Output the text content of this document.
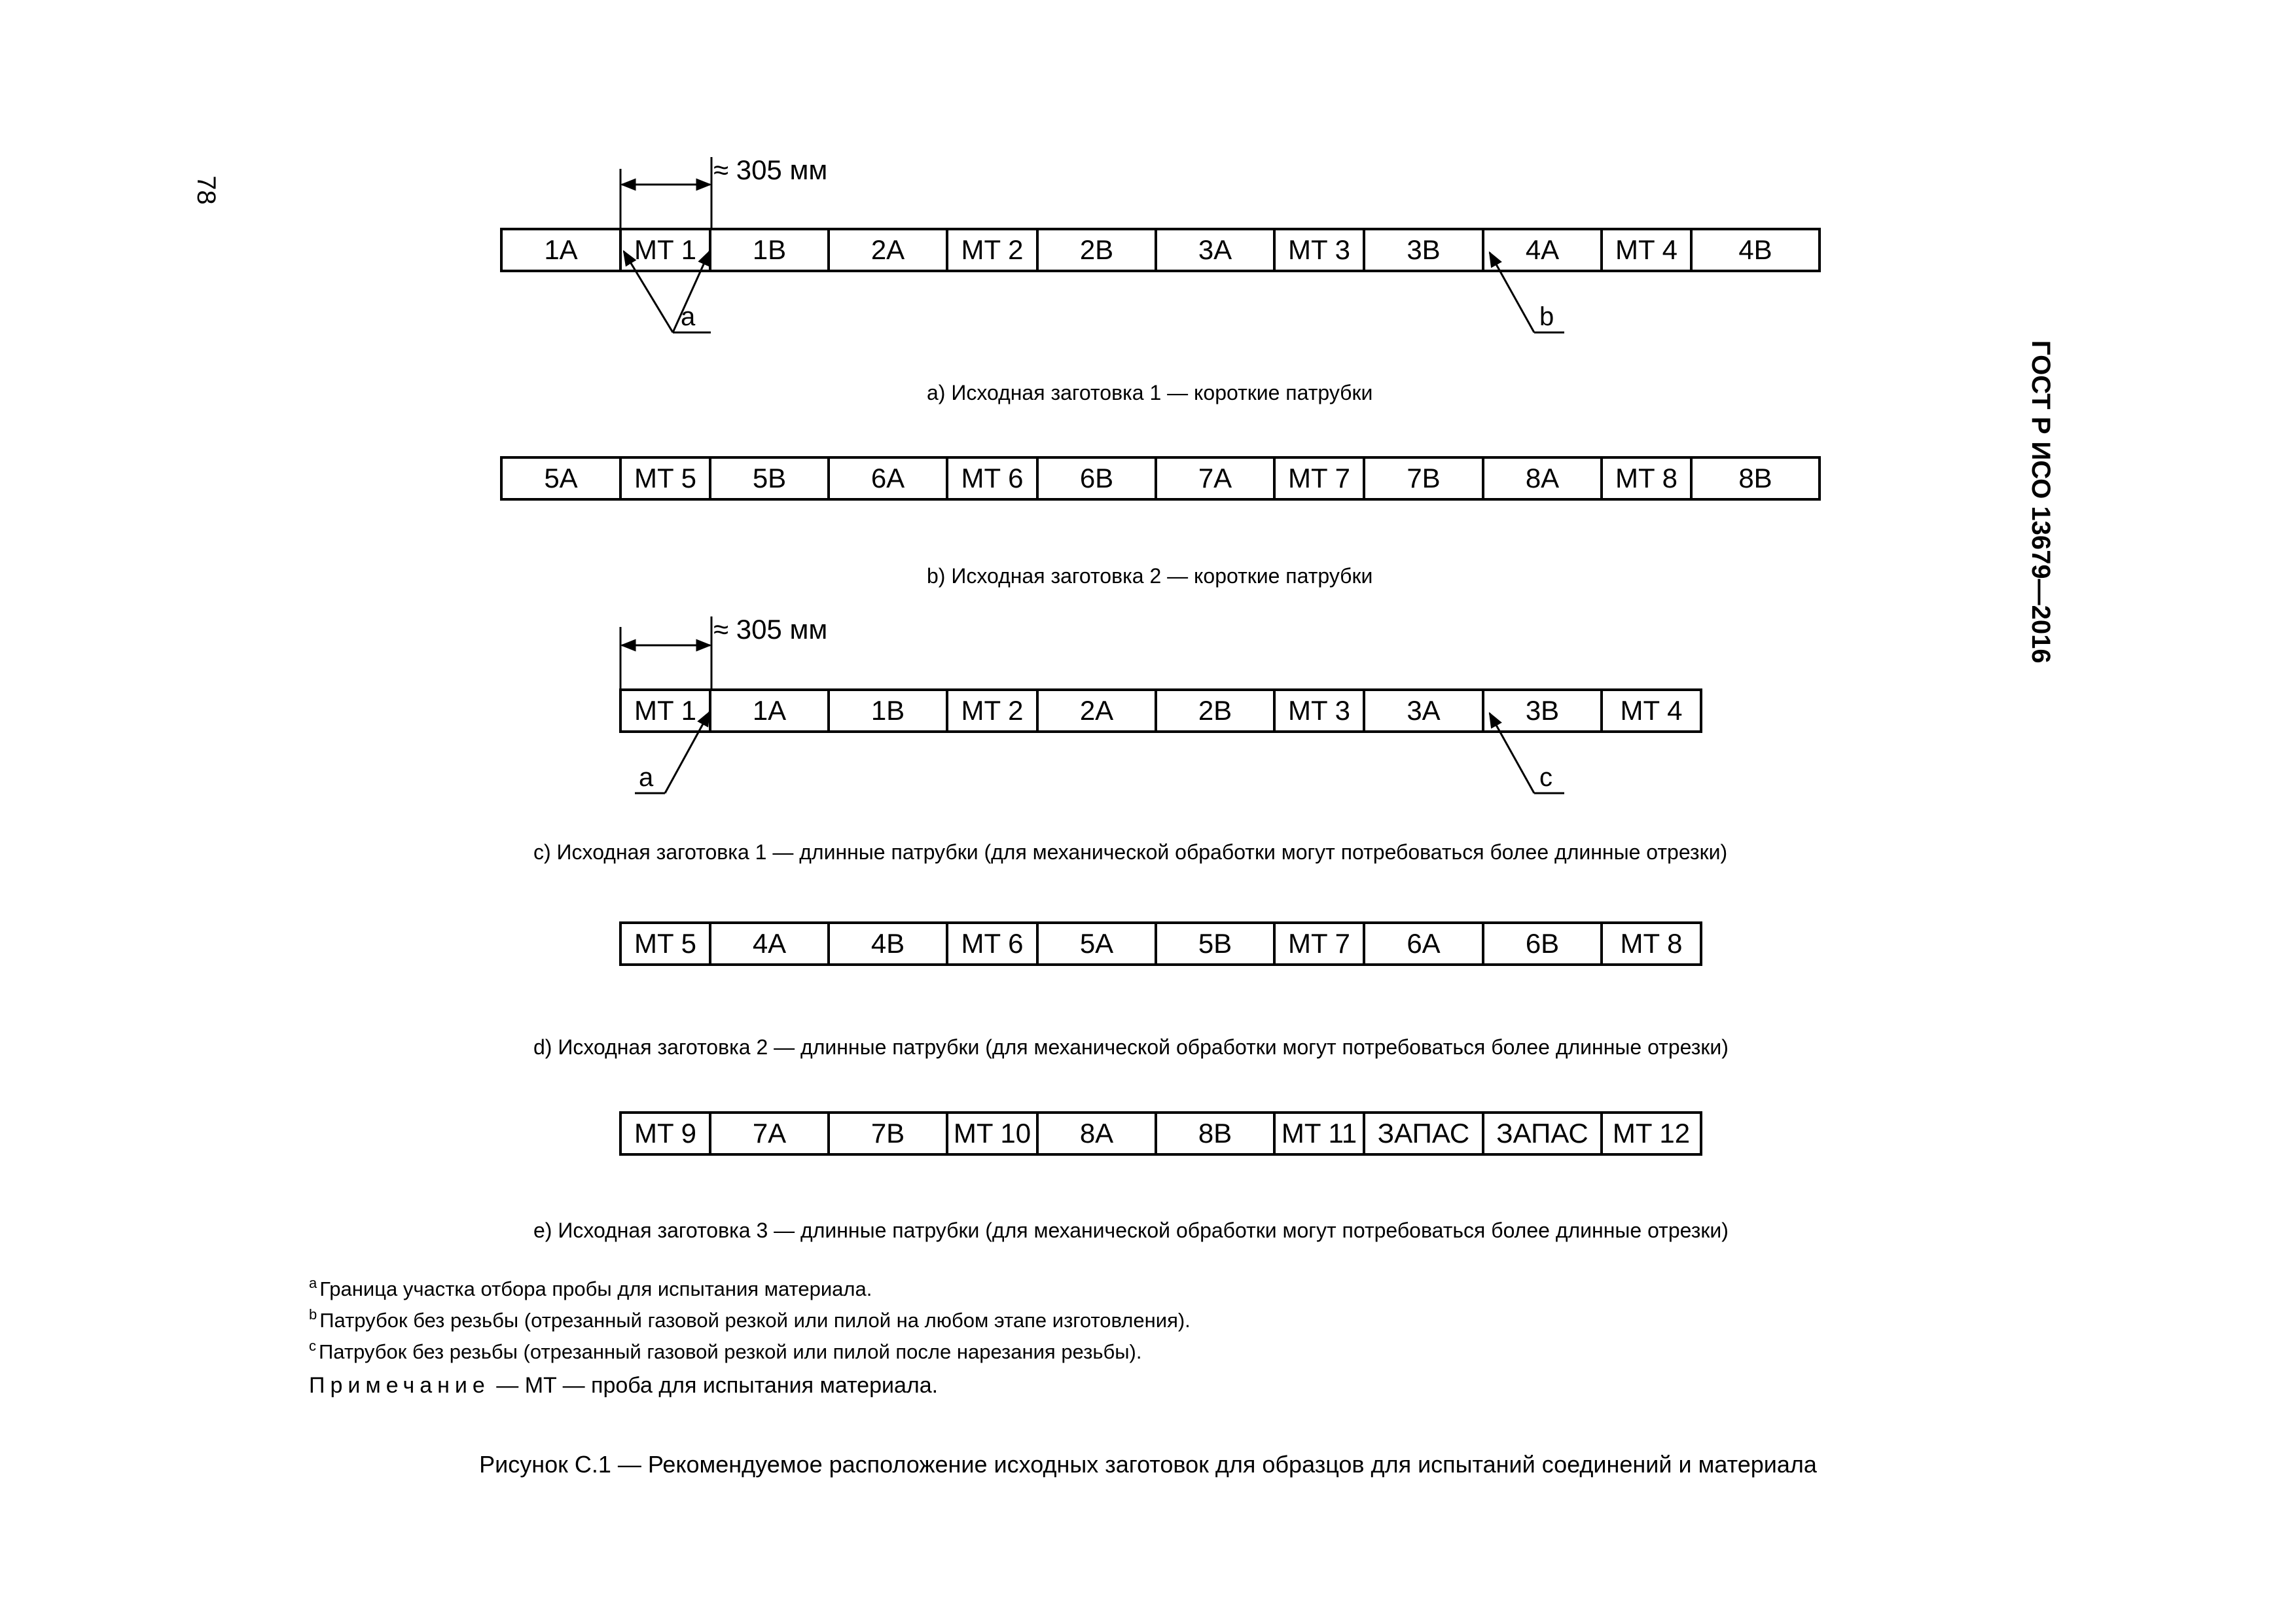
78
ГОСТ Р ИСО 13679—2016
1A	MT 1	1B	2A	MT 2	2B	3A	MT 3	3B	4A	MT 4	4B
a) Исходная заготовка 1 — короткие патрубки
5A	MT 5	5B	6A	MT 6	6B	7A	MT 7	7B	8A	MT 8	8B
b) Исходная заготовка 2 — короткие патрубки
MT 1	1A	1B	MT 2	2A	2B	MT 3	3A	3B	MT 4
c) Исходная заготовка 1 — длинные патрубки (для механической обработки могут потребоваться более длинные отрезки)
MT 5	4A	4B	MT 6	5A	5B	MT 7	6A	6B	MT 8
d) Исходная заготовка 2 — длинные патрубки (для механической обработки могут потребоваться более длинные отрезки)
MT 9	7A	7B	MT 10	8A	8B	MT 11 ЗАПАС ЗАПАС MT 12
e) Исходная заготовка 3 — длинные патрубки (для механической обработки могут потребоваться более длинные отрезки)
≈ 305 мм
≈ 305 мм
a	b
a	c
$^a$ Граница участка отбора пробы для испытания материала.
$^b$ Патрубок без резьбы (отрезанный газовой резкой или пилой на любом этапе изготовления).
$^c$ Патрубок без резьбы (отрезанный газовой резкой или пилой после нарезания резьбы).
Примечание — MT — проба для испытания материала.
Рисунок С.1 — Рекомендуемое расположение исходных заготовок для образцов для испытаний соединений и материала
